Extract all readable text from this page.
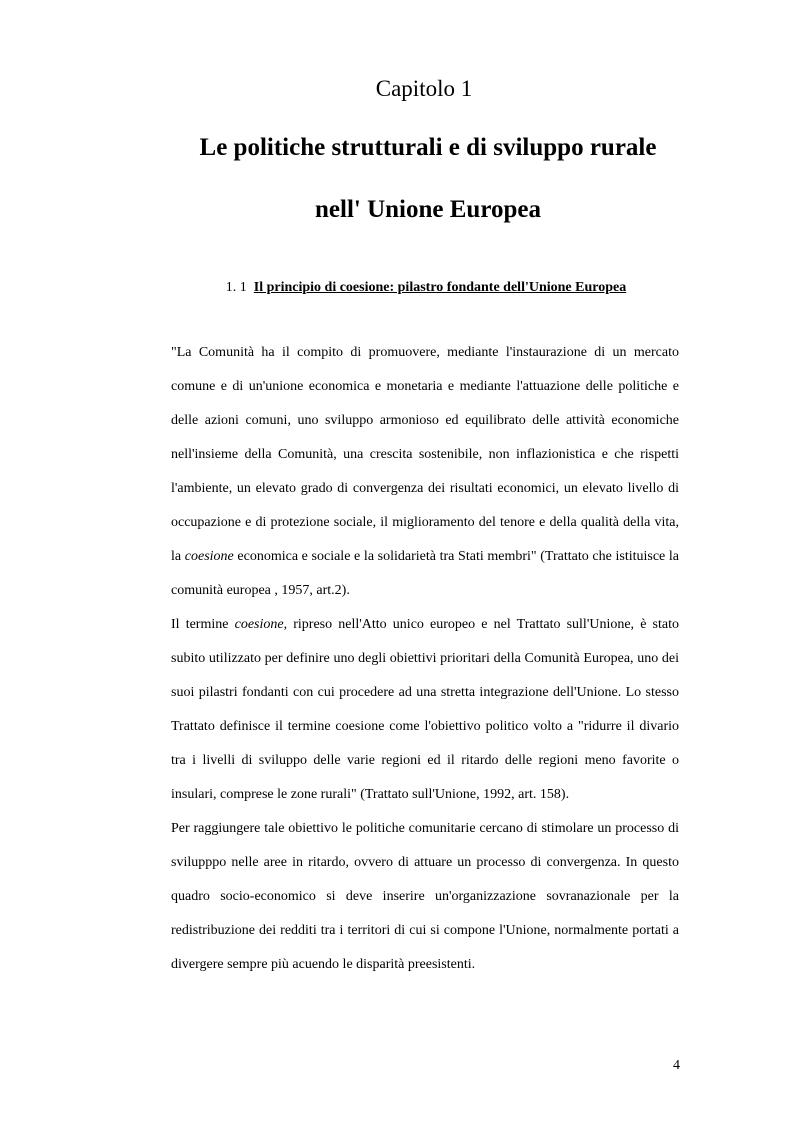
Capitolo 1
Le politiche strutturali e di sviluppo rurale
nell' Unione Europea
1. 1 Il principio di coesione: pilastro fondante dell'Unione Europea

"La Comunità ha il compito di promuovere, mediante l'instaurazione di un mercato comune e di un'unione economica e monetaria e mediante l'attuazione delle politiche e delle azioni comuni, uno sviluppo armonioso ed equilibrato delle attività economiche nell'insieme della Comunità, una crescita sostenibile, non inflazionistica e che rispetti l'ambiente, un elevato grado di convergenza dei risultati economici, un elevato livello di occupazione e di protezione sociale, il miglioramento del tenore e della qualità della vita, la coesione economica e sociale e la solidarietà tra Stati membri" (Trattato che istituisce la comunità europea , 1957, art.2).

Il termine coesione, ripreso nell'Atto unico europeo e nel Trattato sull'Unione, è stato subito utilizzato per definire uno degli obiettivi prioritari della Comunità Europea, uno dei suoi pilastri fondanti con cui procedere ad una stretta integrazione dell'Unione. Lo stesso Trattato definisce il termine coesione come l'obiettivo politico volto a "ridurre il divario tra i livelli di sviluppo delle varie regioni ed il ritardo delle regioni meno favorite o insulari, comprese le zone rurali" (Trattato sull'Unione, 1992, art. 158).

Per raggiungere tale obiettivo le politiche comunitarie cercano di stimolare un processo di svilupppo nelle aree in ritardo, ovvero di attuare un processo di convergenza. In questo quadro socio-economico si deve inserire un'organizzazione sovranazionale per la redistribuzione dei redditi tra i territori di cui si compone l'Unione, normalmente portati a divergere sempre più acuendo le disparità preesistenti.

4
